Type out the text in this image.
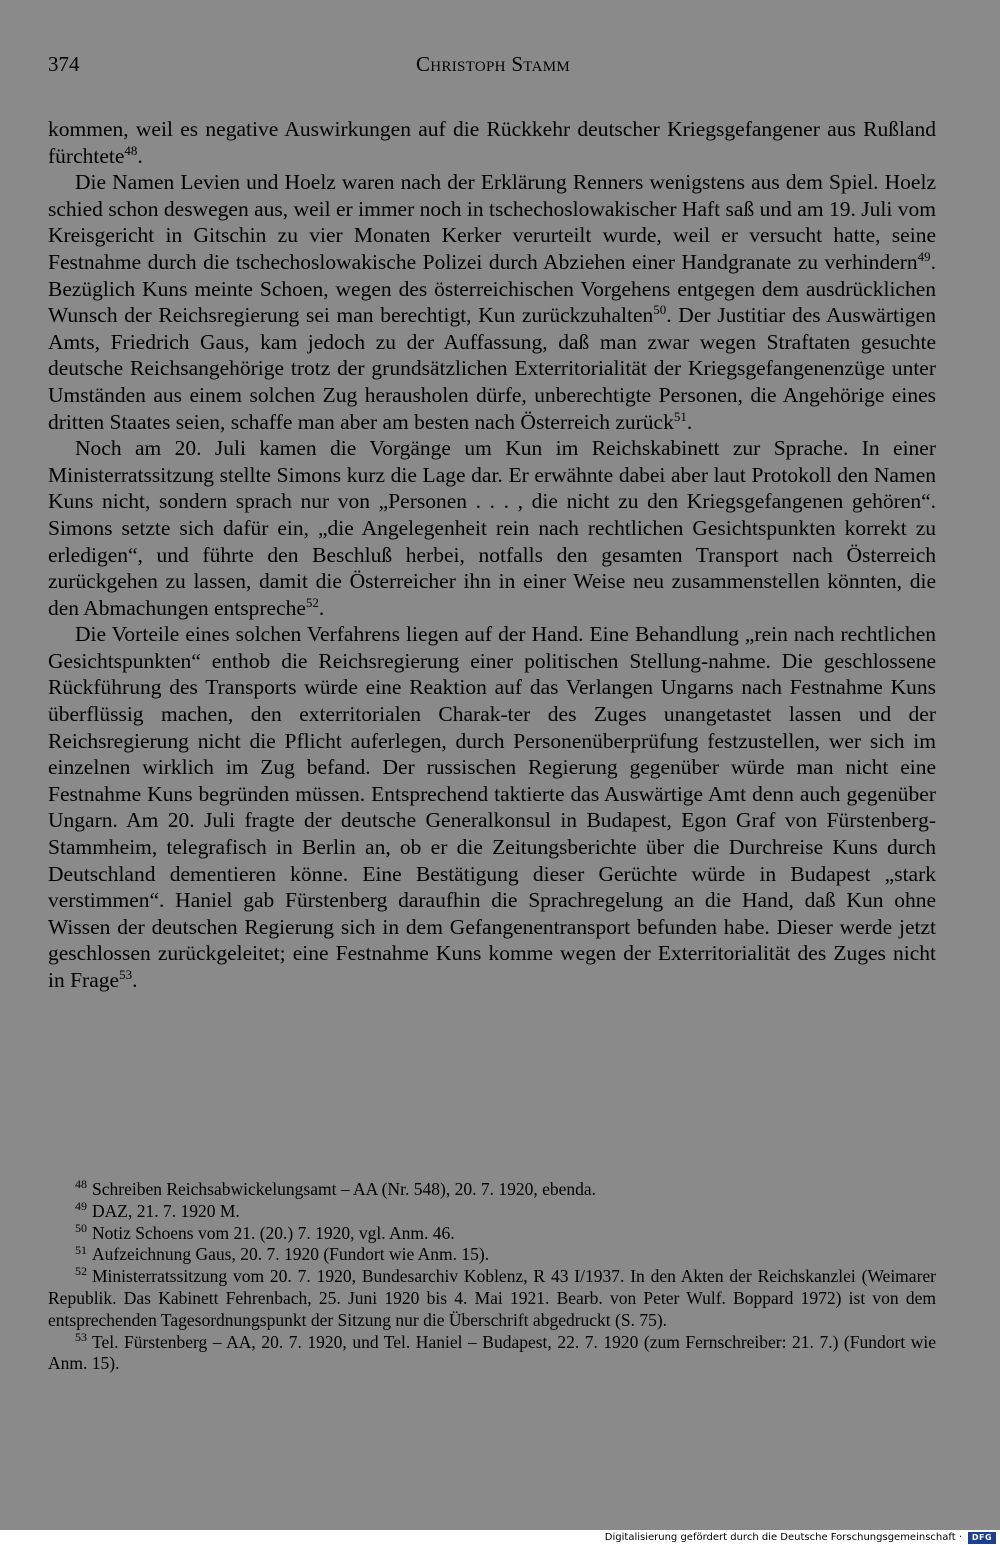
374	Christoph Stamm

kommen, weil es negative Auswirkungen auf die Rückkehr deutscher Kriegsgefangener aus Rußland fürchtete$^{48}$.

Die Namen Levien und Hoelz waren nach der Erklärung Renners wenigstens aus dem Spiel. Hoelz schied schon deswegen aus, weil er immer noch in tschechoslowakischer Haft saß und am 19. Juli vom Kreisgericht in Gitschin zu vier Monaten Kerker verurteilt wurde, weil er versucht hatte, seine Festnahme durch die tschechoslowakische Polizei durch Abziehen einer Handgranate zu verhindern$^{49}$. Bezüglich Kuns meinte Schoen, wegen des österreichischen Vorgehens entgegen dem ausdrücklichen Wunsch der Reichsregierung sei man berechtigt, Kun zurückzuhalten$^{50}$. Der Justitiar des Auswärtigen Amts, Friedrich Gaus, kam jedoch zu der Auffassung, daß man zwar wegen Straftaten gesuchte deutsche Reichsangehörige trotz der grundsätzlichen Exterritorialität der Kriegsgefangenenzüge unter Umständen aus einem solchen Zug herausholen dürfe, unberechtigte Personen, die Angehörige eines dritten Staates seien, schaffe man aber am besten nach Österreich zurück$^{51}$.

Noch am 20. Juli kamen die Vorgänge um Kun im Reichskabinett zur Sprache. In einer Ministerratssitzung stellte Simons kurz die Lage dar. Er erwähnte dabei aber laut Protokoll den Namen Kuns nicht, sondern sprach nur von „Personen . . . , die nicht zu den Kriegsgefangenen gehören“. Simons setzte sich dafür ein, „die Angelegenheit rein nach rechtlichen Gesichtspunkten korrekt zu erledigen“, und führte den Beschluß herbei, notfalls den gesamten Transport nach Österreich zurückgehen zu lassen, damit die Österreicher ihn in einer Weise neu zusammenstellen könnten, die den Abmachungen entspreche$^{52}$.

Die Vorteile eines solchen Verfahrens liegen auf der Hand. Eine Behandlung „rein nach rechtlichen Gesichtspunkten“ enthob die Reichsregierung einer politischen Stellung-nahme. Die geschlossene Rückführung des Transports würde eine Reaktion auf das Verlangen Ungarns nach Festnahme Kuns überflüssig machen, den exterritorialen Charak-ter des Zuges unangetastet lassen und der Reichsregierung nicht die Pflicht auferlegen, durch Personenüberprüfung festzustellen, wer sich im einzelnen wirklich im Zug befand. Der russischen Regierung gegenüber würde man nicht eine Festnahme Kuns begründen müssen. Entsprechend taktierte das Auswärtige Amt denn auch gegenüber Ungarn. Am 20. Juli fragte der deutsche Generalkonsul in Budapest, Egon Graf von Fürstenberg-Stammheim, telegrafisch in Berlin an, ob er die Zeitungsberichte über die Durchreise Kuns durch Deutschland dementieren könne. Eine Bestätigung dieser Gerüchte würde in Budapest „stark verstimmen“. Haniel gab Fürstenberg daraufhin die Sprachregelung an die Hand, daß Kun ohne Wissen der deutschen Regierung sich in dem Gefangenentransport befunden habe. Dieser werde jetzt geschlossen zurückgeleitet; eine Festnahme Kuns komme wegen der Exterritorialität des Zuges nicht in Frage$^{53}$.

$^{48}$ Schreiben Reichsabwickelungsamt – AA (Nr. 548), 20. 7. 1920, ebenda.

$^{49}$ DAZ, 21. 7. 1920 M.

$^{50}$ Notiz Schoens vom 21. (20.) 7. 1920, vgl. Anm. 46.

$^{51}$ Aufzeichnung Gaus, 20. 7. 1920 (Fundort wie Anm. 15).

$^{52}$ Ministerratssitzung vom 20. 7. 1920, Bundesarchiv Koblenz, R 43 I/1937. In den Akten der Reichskanzlei (Weimarer Republik. Das Kabinett Fehrenbach, 25. Juni 1920 bis 4. Mai 1921. Bearb. von Peter Wulf. Boppard 1972) ist von dem entsprechenden Tagesordnungspunkt der Sitzung nur die Überschrift abgedruckt (S. 75).

$^{53}$ Tel. Fürstenberg – AA, 20. 7. 1920, und Tel. Haniel – Budapest, 22. 7. 1920 (zum Fernschreiber: 21. 7.) (Fundort wie Anm. 15).

Digitalisierung gefördert durch die Deutsche Forschungsgemeinschaft ·	DFG
